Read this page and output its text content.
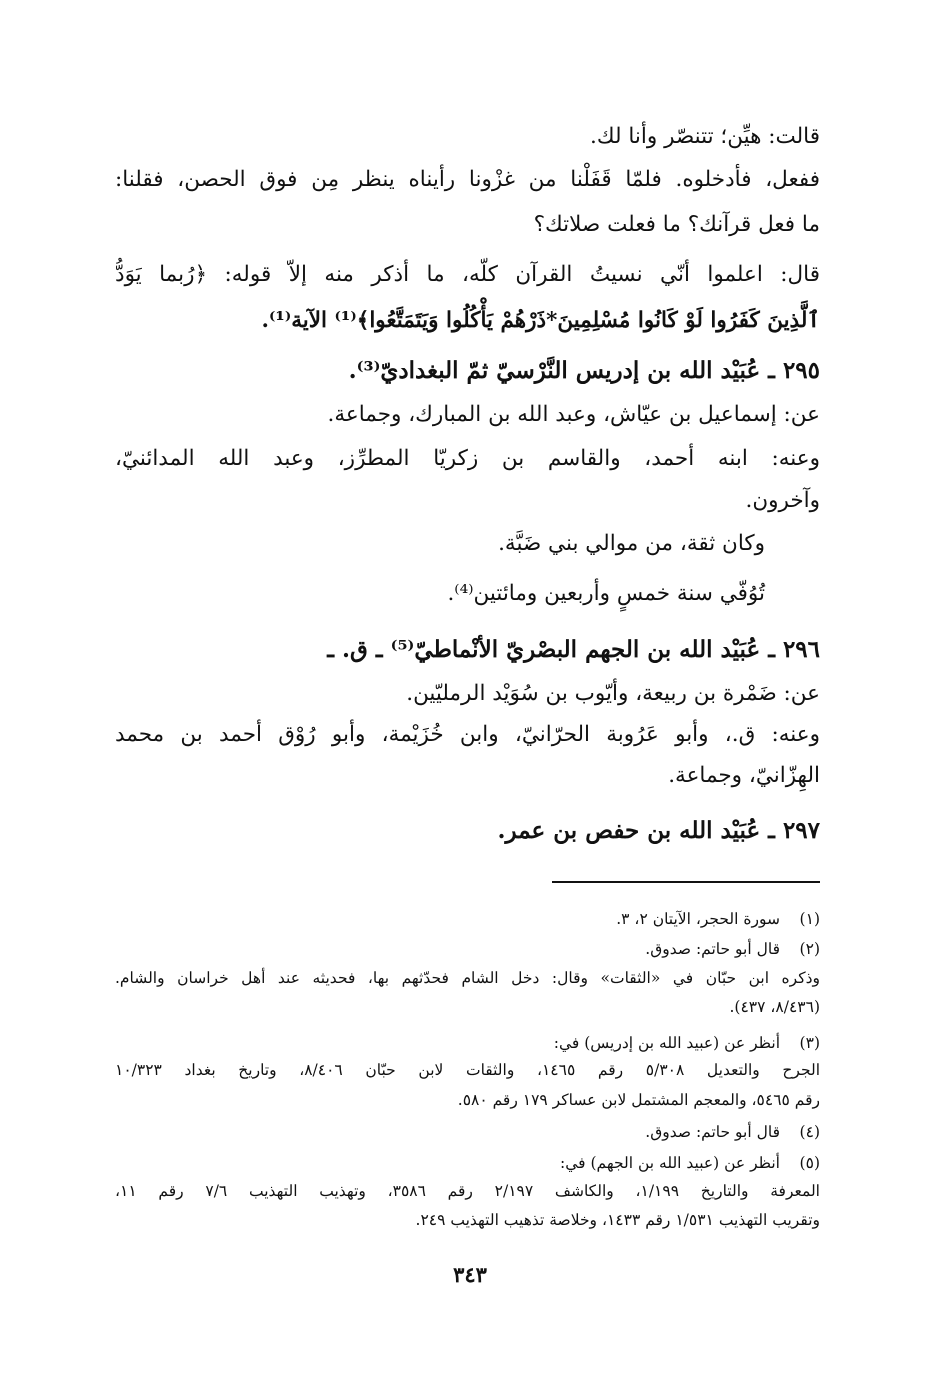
قالت: هيِّن؛ تتنصّر وأنا لك.
ففعل، فأدخلوه. فلمّا قَفَلْنا من غزْونا رأيناه ينظر مِن فوق الحصن، فقلنا:
ما فعل قرآنك؟ ما فعلت صلاتك؟
قال: اعلموا أنّي نسيتُ القرآن كلّه، ما أذكر منه إلاّ قوله: ﴿رُبما يَوَدُّ
ٱلَّذِينَ كَفَرُوا لَوْ كَانُوا مُسْلِمِينَ*ذَرْهُمْ يَأْكُلُوا وَيَتَمَتَّعُوا﴾⁽¹⁾ الآية⁽¹⁾.
٢٩٥ ـ عُبَيْد الله بن إدريس النَّرْسيّ ثمّ البغداديّ⁽³⁾.
عن: إسماعيل بن عيّاش، وعبد الله بن المبارك، وجماعة.
وعنه: ابنه أحمد، والقاسم بن زكريّا المطرِّز، وعبد الله المدائنيّ،
وآخرون.
وكان ثقة، من موالي بني ضَبَّة.
تُوُفّي سنة خمسٍ وأربعين ومائتين⁽⁴⁾.
٢٩٦ ـ عُبَيْد الله بن الجهم البصْريّ الأنْماطيّ⁽⁵⁾ ـ ق. ـ
عن: ضَمْرة بن ربيعة، وأيّوب بن سُوَيْد الرمليّين.
وعنه: ق.، وأبو عَرُوبة الحرّانيّ، وابن خُزَيْمة، وأبو رُوْق أحمد بن محمد
الهِزّانيّ، وجماعة.
٢٩٧ ـ عُبَيْد الله بن حفص بن عمر.
(١)سورة الحجر، الآيتان ٢، ٣.
(٢)قال أبو حاتم: صدوق.
وذكره ابن حبّان في «الثقات» وقال: دخل الشام فحدّثهم بها، فحديثه عند أهل خراسان والشام.
(٨/٤٣٦، ٤٣٧).
(٣)أنظر عن (عبيد الله بن إدريس) في:
الجرح والتعديل ٥/٣٠٨ رقم ١٤٦٥، والثقات لابن حبّان ٨/٤٠٦، وتاريخ بغداد ١٠/٣٢٣
رقم ٥٤٦٥، والمعجم المشتمل لابن عساكر ١٧٩ رقم ٥٨٠.
(٤)قال أبو حاتم: صدوق.
(٥)أنظر عن (عبيد الله بن الجهم) في:
المعرفة والتاريخ ١/١٩٩، والكاشف ٢/١٩٧ رقم ٣٥٨٦، وتهذيب التهذيب ٧/٦ رقم ١١،
وتقريب التهذيب ١/٥٣١ رقم ١٤٣٣، وخلاصة تذهيب التهذيب ٢٤٩.
٣٤٣
